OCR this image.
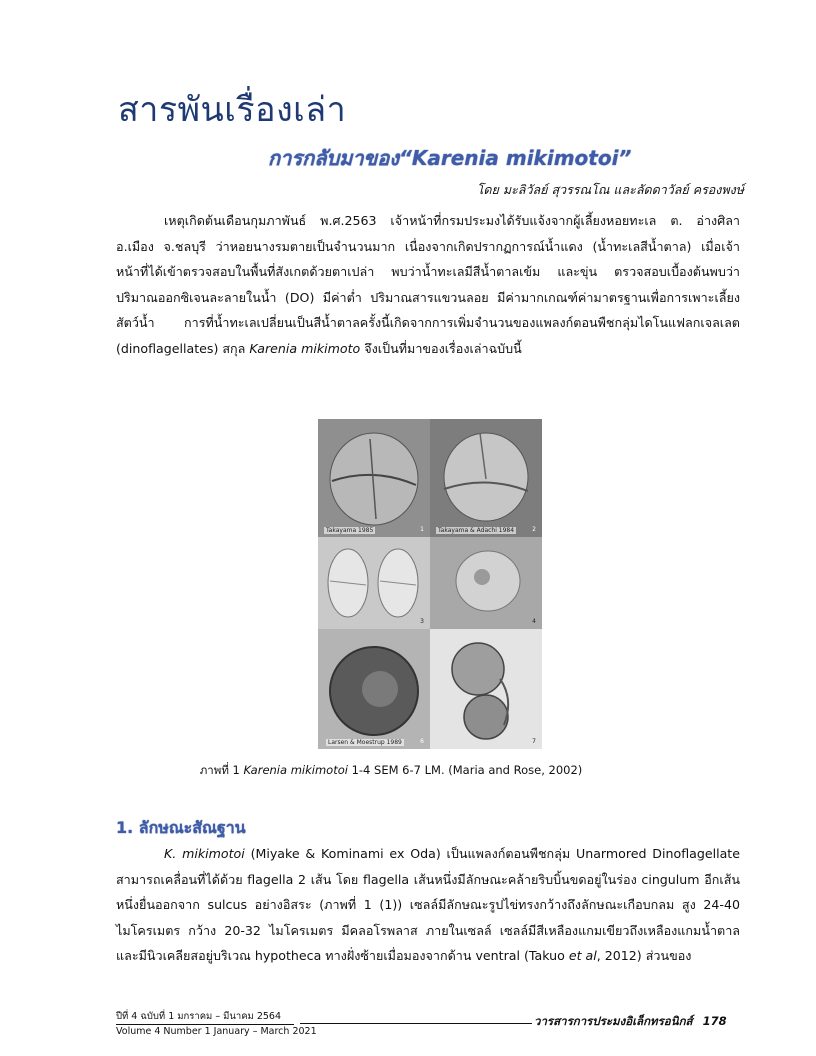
สารพันเรื่องเล่า
การกลับมาของ“Karenia mikimotoi”
โดย มะลิวัลย์ สุวรรณโณ และลัดดาวัลย์ ครองพงษ์

เหตุเกิดต้นเดือนกุมภาพันธ์ พ.ศ.2563 เจ้าหน้าที่กรมประมงได้รับแจ้งจากผู้เลี้ยงหอยทะเล ต. อ่างศิลา อ.เมือง จ.ชลบุรี ว่าหอยนางรมตายเป็นจำนวนมาก เนื่องจากเกิดปรากฏการณ์น้ำแดง (น้ำทะเลสีน้ำตาล) เมื่อเจ้าหน้าที่ได้เข้าตรวจสอบในพื้นที่สังเกตด้วยตาเปล่า พบว่าน้ำทะเลมีสีน้ำตาลเข้ม และขุ่น ตรวจสอบเบื้องต้นพบว่าปริมาณออกซิเจนละลายในน้ำ (DO) มีค่าต่ำ ปริมาณสารแขวนลอย มีค่ามากเกณฑ์ค่ามาตรฐานเพื่อการเพาะเลี้ยงสัตว์น้ำ การที่น้ำทะเลเปลี่ยนเป็นสีน้ำตาลครั้งนี้เกิดจากการเพิ่มจำนวนของแพลงก์ตอนพืชกลุ่มไดโนแฟลกเจลเลต (dinoflagellates) สกุล Karenia mikimoto จึงเป็นที่มาของเรื่องเล่าฉบับนี้

Takayama 1985	1	Takayama & Adachi 1984	2
3	4
Larsen & Moestrup 1989	6	7
ภาพที่ 1 Karenia mikimotoi 1-4 SEM 6-7 LM. (Maria and Rose, 2002)
1. ลักษณะสัณฐาน

K. mikimotoi (Miyake & Kominami ex Oda) เป็นแพลงก์ตอนพืชกลุ่ม Unarmored Dinoflagellate สามารถเคลื่อนที่ได้ด้วย flagella 2 เส้น โดย flagella เส้นหนึ่งมีลักษณะคล้ายริบบิ้นขดอยู่ในร่อง cingulum อีกเส้นหนึ่งยื่นออกจาก sulcus อย่างอิสระ (ภาพที่ 1 (1)) เซลล์มีลักษณะรูปไข่ทรงกว้างถึงลักษณะเกือบกลม สูง 24-40 ไมโครเมตร กว้าง 20-32 ไมโครเมตร มีคลอโรพลาส ภายในเซลล์ เซลล์มีสีเหลืองแกมเขียวถึงเหลืองแกมน้ำตาล และมีนิวเคลียสอยู่บริเวณ hypotheca ทางฝั่งซ้ายเมื่อมองจากด้าน ventral (Takuo et al, 2012) ส่วนของ

ปีที่ 4 ฉบับที่ 1 มกราคม – มีนาคม 2564
Volume 4 Number 1 January – March 2021
วารสารการประมงอิเล็กทรอนิกส์ 178
